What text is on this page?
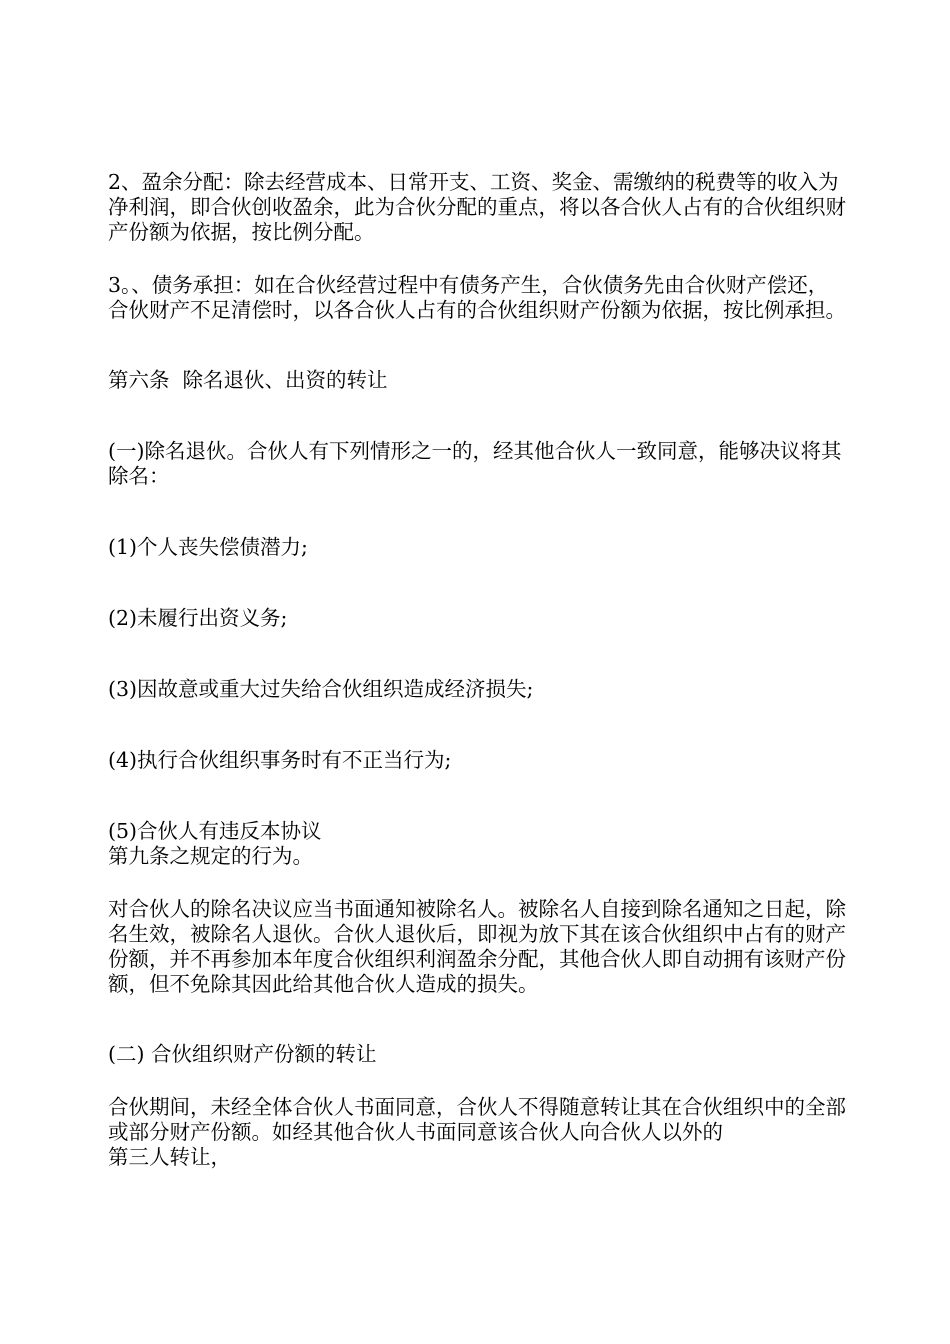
2、盈余分配：除去经营成本、日常开支、工资、奖金、需缴纳的税费等的收入为净利润，即合伙创收盈余，此为合伙分配的重点，将以各合伙人占有的合伙组织财产份额为依据，按比例分配。

3。、债务承担：如在合伙经营过程中有债务产生，合伙债务先由合伙财产偿还，合伙财产不足清偿时，以各合伙人占有的合伙组织财产份额为依据，按比例承担。

第六条  除名退伙、出资的转让

(一)除名退伙。合伙人有下列情形之一的，经其他合伙人一致同意，能够决议将其除名：

(1)个人丧失偿债潜力;

(2)未履行出资义务;

(3)因故意或重大过失给合伙组织造成经济损失;

(4)执行合伙组织事务时有不正当行为;

(5)合伙人有违反本协议

第九条之规定的行为。

对合伙人的除名决议应当书面通知被除名人。被除名人自接到除名通知之日起，除名生效，被除名人退伙。合伙人退伙后，即视为放下其在该合伙组织中占有的财产份额，并不再参加本年度合伙组织利润盈余分配，其他合伙人即自动拥有该财产份额，但不免除其因此给其他合伙人造成的损失。

(二) 合伙组织财产份额的转让

合伙期间，未经全体合伙人书面同意，合伙人不得随意转让其在合伙组织中的全部或部分财产份额。如经其他合伙人书面同意该合伙人向合伙人以外的
第三人转让，
